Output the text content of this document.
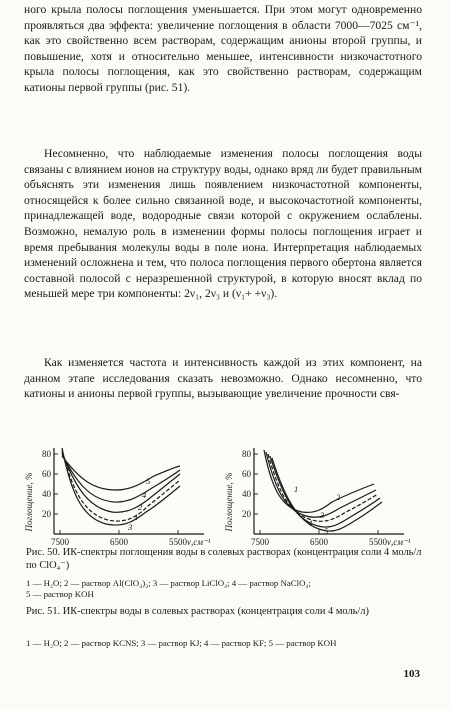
ного крыла полосы поглощения уменьшается. При этом могут одновременно проявляться два эффекта: увеличение поглощения в области 7000—7025 см⁻¹, как это свойственно всем растворам, содержащим анионы второй группы, и повышение, хотя и относительно меньшее, интенсивности низкочастотного крыла полосы поглощения, как это свойственно растворам, содержащим катионы первой группы (рис. 51).

Несомненно, что наблюдаемые изменения полосы поглощения воды связаны с влиянием ионов на структуру воды, однако вряд ли будет правильным объяснять эти изменения лишь появлением низкочастотной компоненты, относящейся к более сильно связанной воде, и высокочастотной компоненты, принадлежащей воде, водородные связи которой с окружением ослаблены. Возможно, немалую роль в изменении формы полосы поглощения играет и время пребывания молекулы воды в поле иона. Интерпретация наблюдаемых изменений осложнена и тем, что полоса поглощения первого обертона является составной полосой с неразрешенной структурой, в которую вносят вклад по меньшей мере три компоненты: 2ν₁, 2ν₃ и (ν₁+ +ν₃).

Как изменяется частота и интенсивность каждой из этих компонент, на данном этапе исследования сказать невозможно. Однако несомненно, что катионы и анионы первой группы, вызывающие увеличение прочности свя-

Поглощение, %
80
60
40
20
7500	6500	5500 ν,см⁻¹
1
2
3
4
5	Поглощение, %
80
60
40
20
7500	6500	5500 ν,см⁻¹
1
2
3
4
5

Рис. 50. ИК-спектры поглощения воды в солевых растворах (концентрация соли 4 моль/л по ClO₄⁻)

1 — H₂O; 2 — раствор Al(ClO₄)₃; 3 — раствор LiClO₄; 4 — раствор NaClO₄;
5 — раствор KOH

Рис. 51. ИК-спектры воды в солевых растворах (концентрация соли 4 моль/л)

1 — H₂O; 2 — раствор KCNS; 3 — раствор KJ; 4 — раствор KF; 5 — раствор KOH

103
